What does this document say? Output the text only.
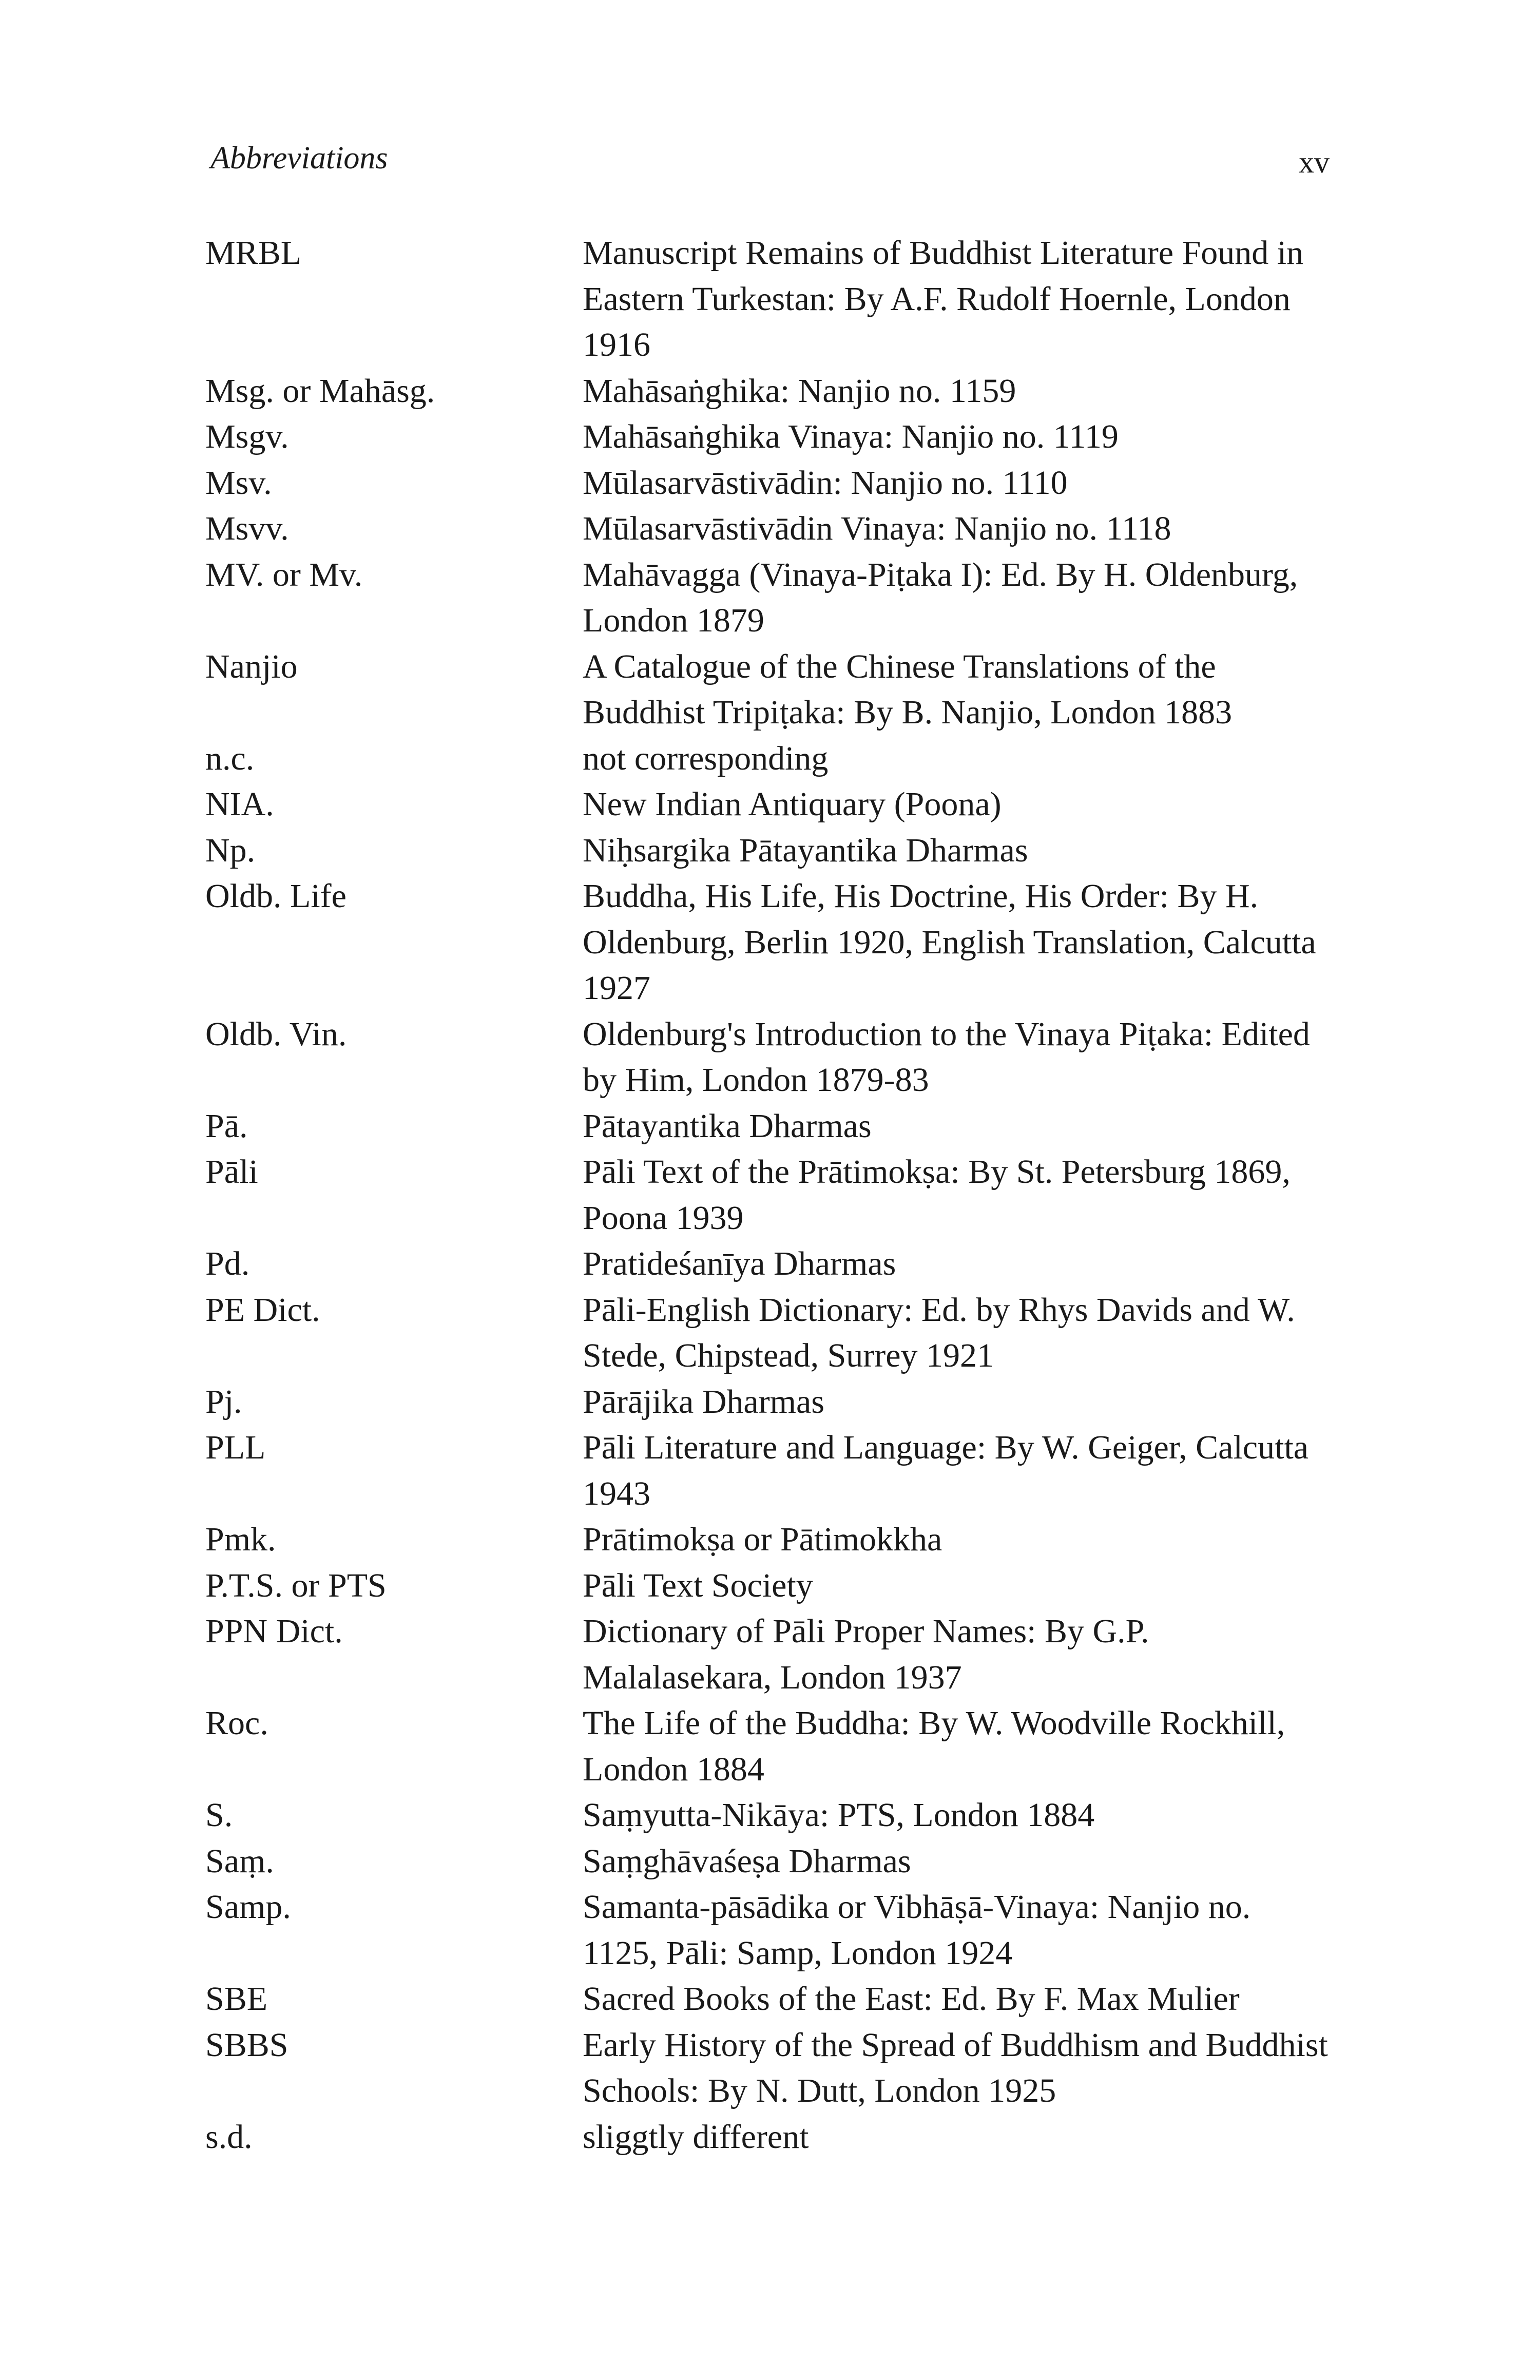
Abbreviations	xv
MRBL	Manuscript Remains of Buddhist Literature Found in Eastern Turkestan: By A.F. Rudolf Hoernle, London 1916
Msg. or Mahāsg.	Mahāsaṅghika: Nanjio no. 1159
Msgv.	Mahāsaṅghika Vinaya: Nanjio no. 1119
Msv.	Mūlasarvāstivādin: Nanjio no. 1110
Msvv.	Mūlasarvāstivādin Vinaya: Nanjio no. 1118
MV. or Mv.	Mahāvagga (Vinaya-Piṭaka I): Ed. By H. Oldenburg, London 1879
Nanjio	A Catalogue of the Chinese Translations of the Buddhist Tripiṭaka: By B. Nanjio, London 1883
n.c.	not corresponding
NIA.	New Indian Antiquary (Poona)
Np.	Niḥsargika Pātayantika Dharmas
Oldb. Life	Buddha, His Life, His Doctrine, His Order: By H. Oldenburg, Berlin 1920, English Translation, Calcutta 1927
Oldb. Vin.	Oldenburg's Introduction to the Vinaya Piṭaka: Edited by Him, London 1879-83
Pā.	Pātayantika Dharmas
Pāli	Pāli Text of the Prātimokṣa: By St. Petersburg 1869, Poona 1939
Pd.	Pratideśanīya Dharmas
PE Dict.	Pāli-English Dictionary: Ed. by Rhys Davids and W. Stede, Chipstead, Surrey 1921
Pj.	Pārājika Dharmas
PLL	Pāli Literature and Language: By W. Geiger, Calcutta 1943
Pmk.	Prātimokṣa or Pātimokkha
P.T.S. or PTS	Pāli Text Society
PPN Dict.	Dictionary of Pāli Proper Names: By G.P. Malalasekara, London 1937
Roc.	The Life of the Buddha: By W. Woodville Rockhill, London 1884
S.	Saṃyutta-Nikāya: PTS, London 1884
Saṃ.	Saṃghāvaśeṣa Dharmas
Samp.	Samanta-pāsādika or Vibhāṣā-Vinaya: Nanjio no. 1125, Pāli: Samp, London 1924
SBE	Sacred Books of the East: Ed. By F. Max Mulier
SBBS	Early History of the Spread of Buddhism and Buddhist Schools: By N. Dutt, London 1925
s.d.	sliggtly different
